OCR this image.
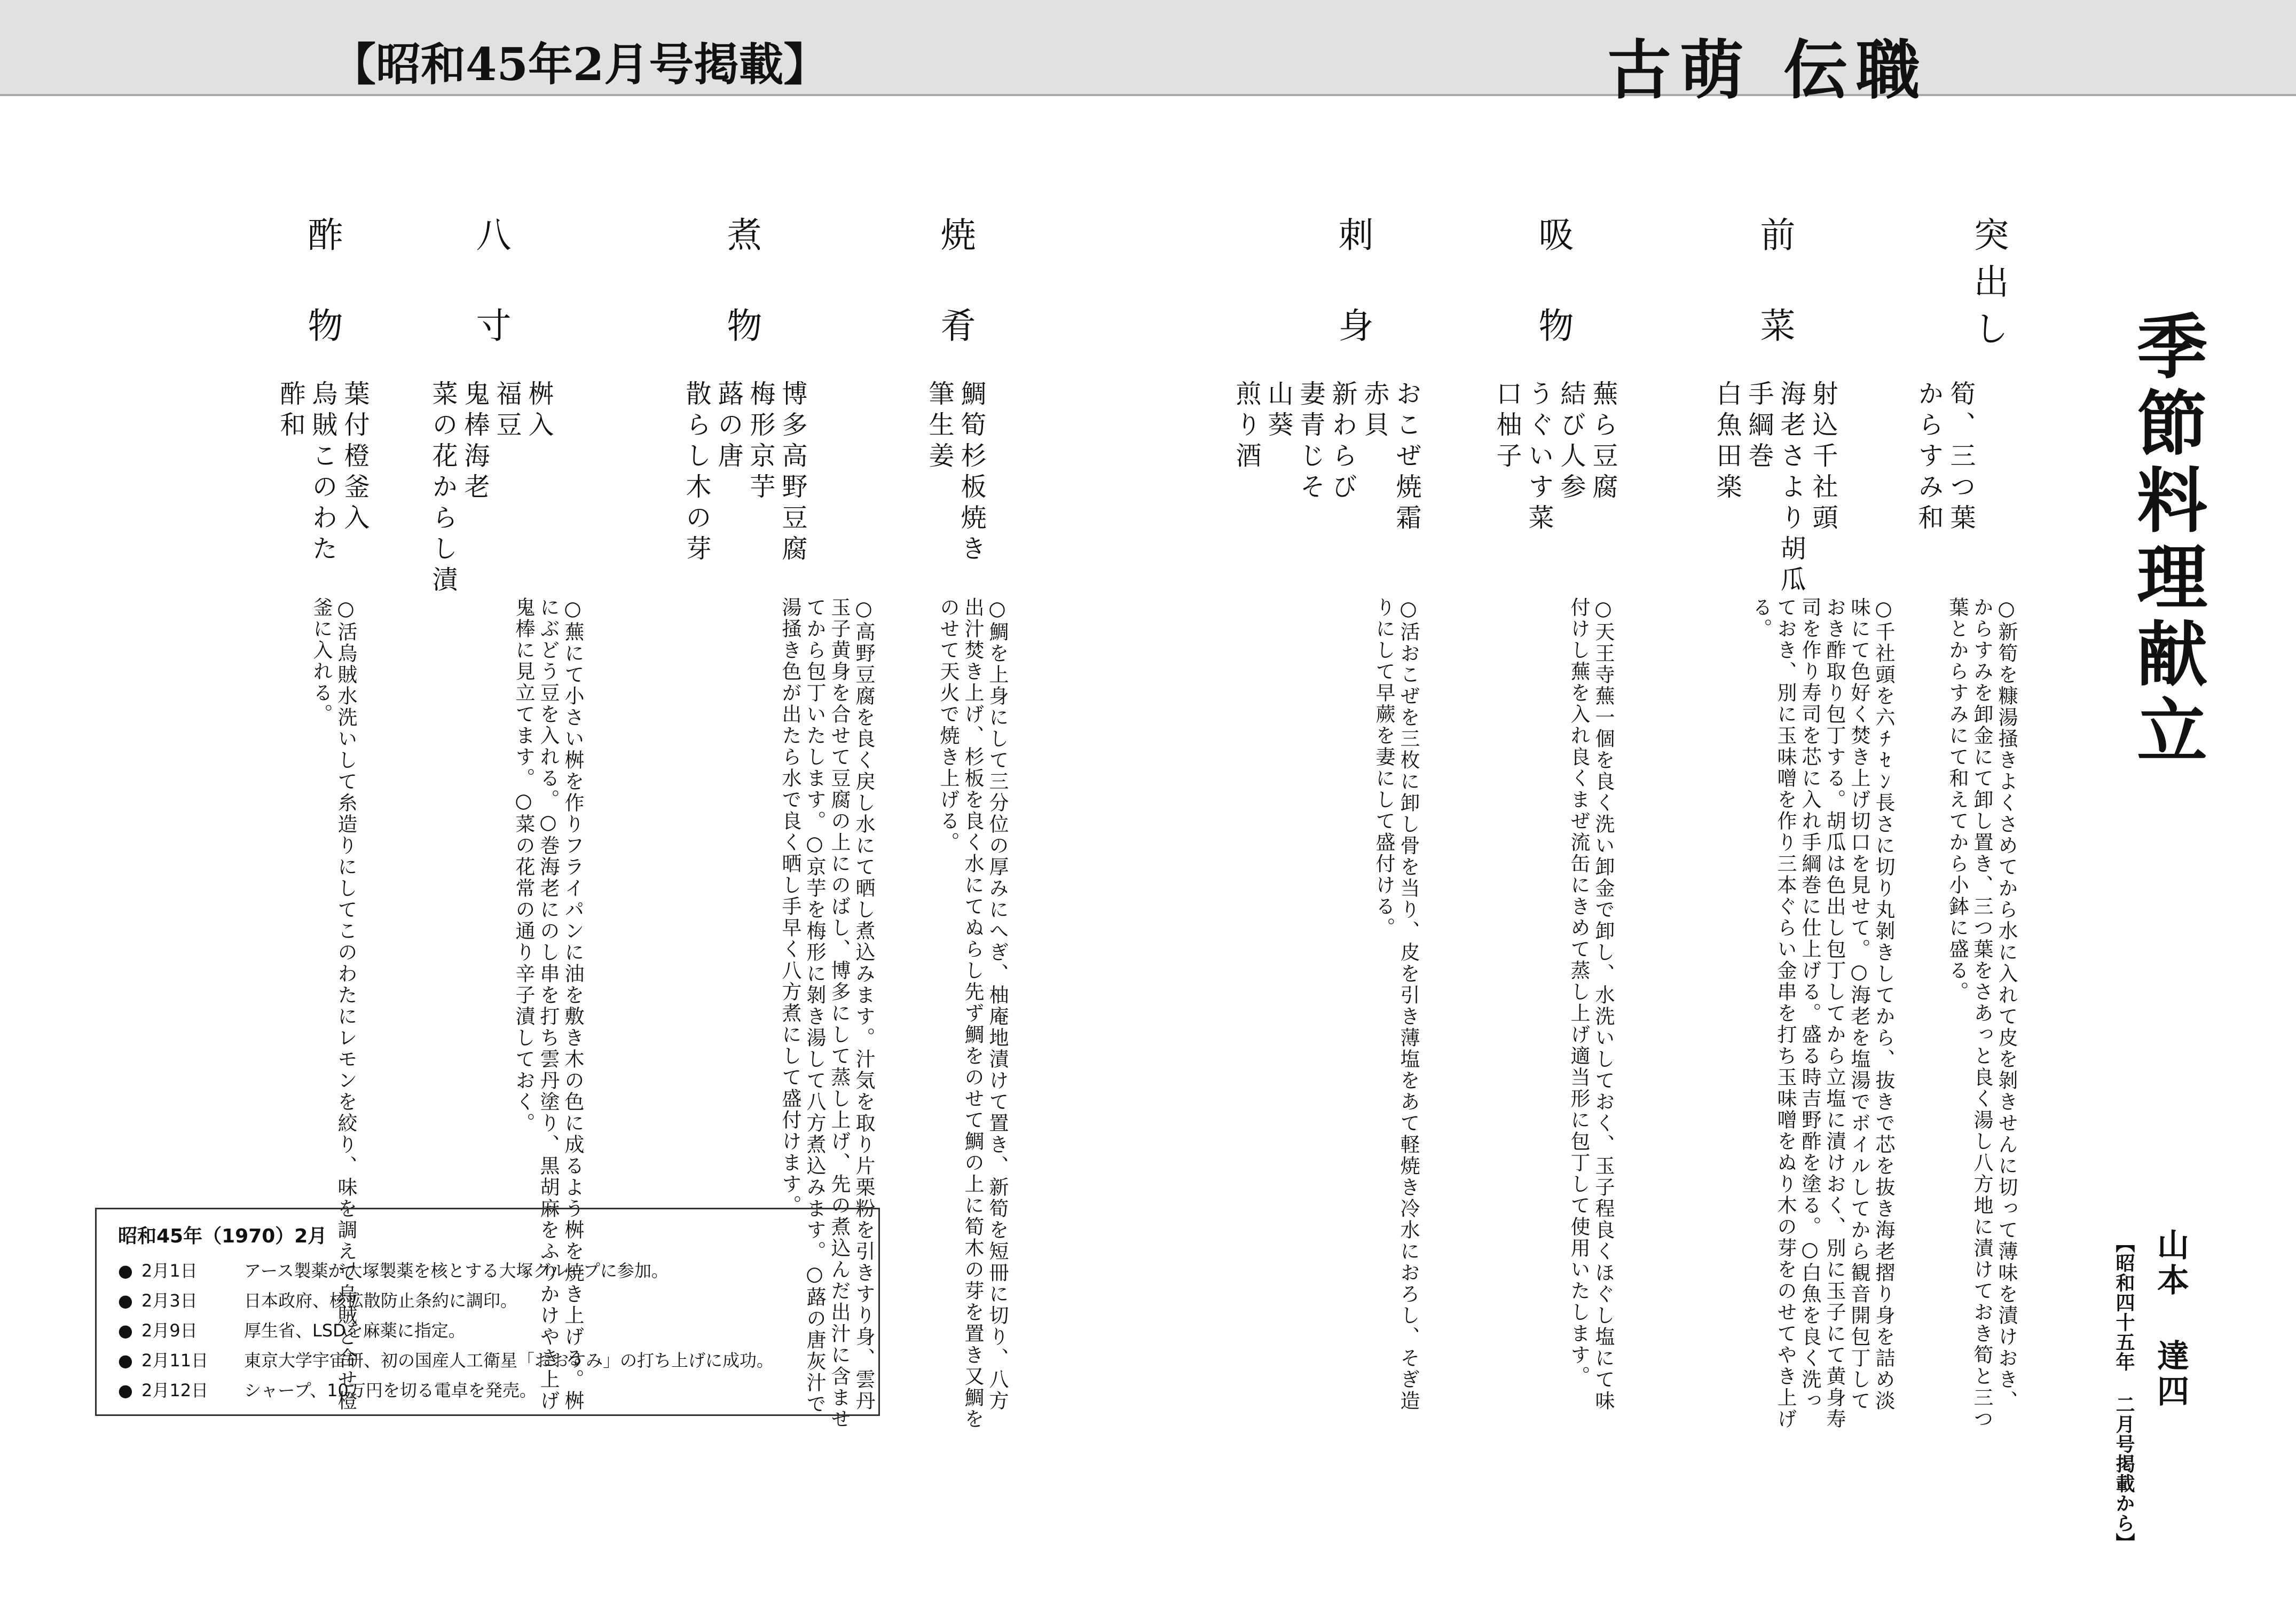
【昭和45年2月号掲載】	古萌 伝職
季節料理献立
【昭和四十五年 二月号掲載から】 山本 達四
突出し
筍、三つ葉
からすみ和
○新筍を糠湯掻きよくさめてから水に入れて皮を剝きせんに切って薄味を漬けおき、からすみを卸金にて卸し置き、三つ葉をさあっと良く湯し八方地に漬けておき筍と三つ葉とからすみにて和えてから小鉢に盛る。
前菜
射込千社頭
海老さより胡瓜
手綱巻
白魚田楽
○千社頭を六ﾁｾﾝ長さに切り丸剝きしてから、抜きで芯を抜き海老摺り身を詰め淡味にて色好く焚き上げ切口を見せて。○海老を塩湯でボイルしてから観音開包丁しておき酢取り包丁する。胡瓜は色出し包丁してから立塩に漬けおく、別に玉子にて黄身寿司を作り寿司を芯に入れ手綱巻に仕上げる。盛る時吉野酢を塗る。○白魚を良く洗っておき、別に玉味噌を作り三本ぐらい金串を打ち玉味噌をぬり木の芽をのせてやき上げる。
吸物
蕪ら豆腐
結び人参
うぐいす菜
口柚子
○天王寺蕪一個を良く洗い卸金で卸し、水洗いしておく、玉子程良くほぐし塩にて味付けし蕪を入れ良くまぜ流缶にきめて蒸し上げ適当形に包丁して使用いたします。
刺身
おこぜ焼霜
赤貝
新わらび
妻青じそ
山葵
煎り酒
○活おこぜを三枚に卸し骨を当り、皮を引き薄塩をあて軽焼き冷水におろし、そぎ造りにして早蕨を妻にして盛付ける。
焼肴
鯛筍杉板焼き
筆生姜
○鯛を上身にして三分位の厚みにへぎ、柚庵地漬けて置き、新筍を短冊に切り、八方出汁焚き上げ、杉板を良く水にてぬらし先ず鯛をのせて鯛の上に筍木の芽を置き又鯛をのせて天火で焼き上げる。
煮物
博多高野豆腐
梅形京芋
蕗の唐
散らし木の芽
○高野豆腐を良く戻し水にて晒し煮込みます。汁気を取り片栗粉を引きすり身、雲丹玉子黄身を合せて豆腐の上にのばし、博多にして蒸し上げ、先の煮込んだ出汁に含ませてから包丁いたします。○京芋を梅形に剝き湯して八方煮込みます。○蕗の唐灰汁で湯掻き色が出たら水で良く晒し手早く八方煮にして盛付けます。
八寸
桝入
福豆
鬼棒海老
菜の花からし漬
○蕪にて小さい桝を作りフライパンに油を敷き木の色に成るよう桝を焼き上げる。桝にぶどう豆を入れる。○巻海老にのし串を打ち雲丹塗り、黒胡麻をふりかけやき上げ鬼棒に見立てます。○菜の花常の通り辛子漬しておく。
酢物
葉付橙釜入
烏賊このわた
酢和
○活烏賊水洗いして糸造りにしてこのわたにレモンを絞り、味を調えて烏賊と合せ橙釜に入れる。
昭和45年（1970）2月
● 2月1日	アース製薬が大塚製薬を核とする大塚グループに参加。
● 2月3日	日本政府、核拡散防止条約に調印。
● 2月9日	厚生省、LSDを麻薬に指定。
● 2月11日 東京大学宇宙研、初の国産人工衛星「おおすみ」の打ち上げに成功。
● 2月12日 シャープ、10万円を切る電卓を発売。
